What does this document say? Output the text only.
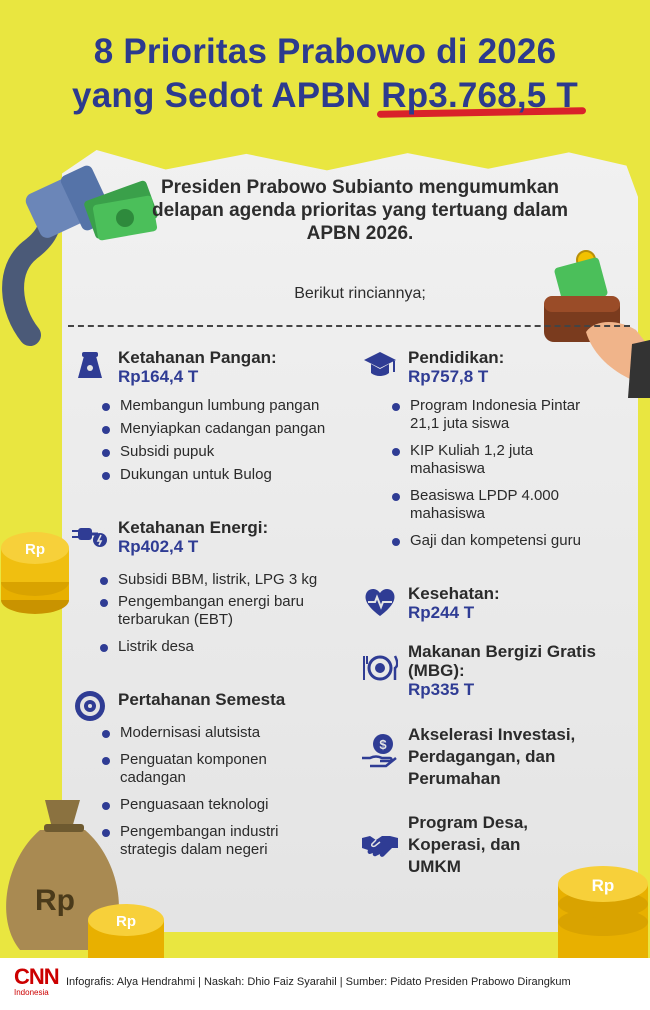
8 Prioritas Prabowo di 2026
yang Sedot APBN Rp3.768,5 T
Rp
Rp
Rp
Rp
Presiden Prabowo Subianto mengumumkan delapan agenda prioritas yang tertuang dalam APBN 2026.
Berikut rinciannya;
Ketahanan Pangan:
Rp164,4 T
Membangun lumbung pangan
Menyiapkan cadangan pangan
Subsidi pupuk
Dukungan untuk Bulog
Ketahanan Energi:
Rp402,4 T
Subsidi BBM, listrik, LPG 3 kg
Pengembangan energi baru terbarukan (EBT)
Listrik desa
Pertahanan Semesta
Modernisasi alutsista
Penguatan komponen cadangan
Penguasaan teknologi
Pengembangan industri strategis dalam negeri
Pendidikan:
Rp757,8 T
Program Indonesia Pintar 21,1 juta siswa
KIP Kuliah 1,2 juta mahasiswa
Beasiswa LPDP 4.000 mahasiswa
Gaji dan kompetensi guru
Kesehatan:
Rp244 T
Makanan Bergizi Gratis (MBG):
Rp335 T
$
Akselerasi Investasi, Perdagangan, dan Perumahan
Program Desa, Koperasi, dan UMKM
CNN
Indonesia
Infografis: Alya Hendrahmi | Naskah: Dhio Faiz Syarahil | Sumber: Pidato Presiden Prabowo Dirangkum
